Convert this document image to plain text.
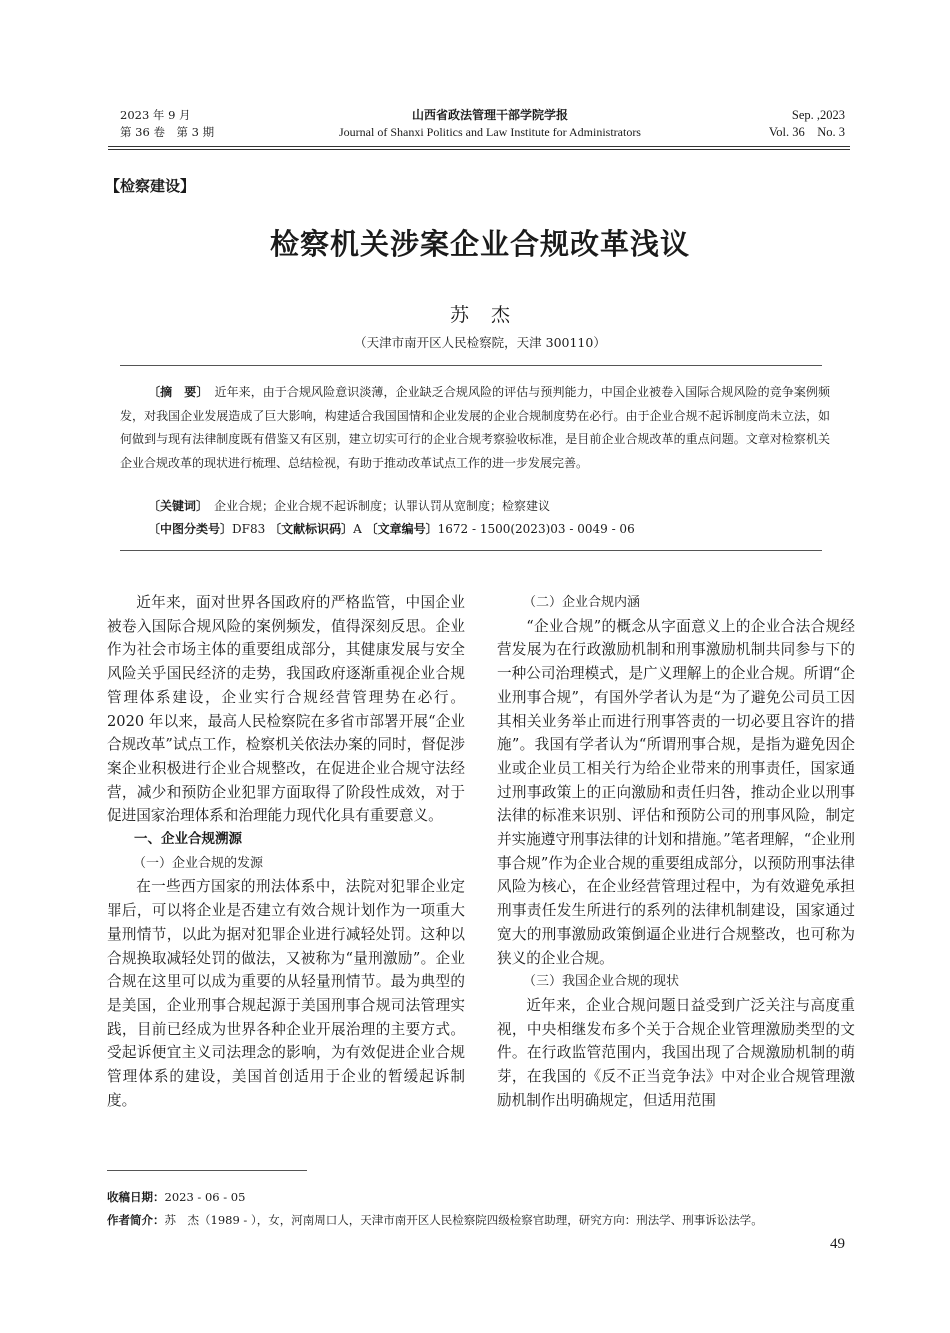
2023 年 9 月
第 36 卷　第 3 期
山西省政法管理干部学院学报
Journal of Shanxi Politics and Law Institute for Administrators
Sep. ,2023
Vol. 36　No. 3
【检察建设】
检察机关涉案企业合规改革浅议
苏杰
（天津市南开区人民检察院，天津 300110）
〔摘　要〕　 近年来，由于合规风险意识淡薄，企业缺乏合规风险的评估与预判能力，中国企业被卷入国际合规风险的竞争案例频发，对我国企业发展造成了巨大影响，构建适合我国国情和企业发展的企业合规制度势在必行。由于企业合规不起诉制度尚未立法，如何做到与现有法律制度既有借鉴又有区别，建立切实可行的企业合规考察验收标准，是目前企业合规改革的重点问题。文章对检察机关企业合规改革的现状进行梳理、总结检视，有助于推动改革试点工作的进一步发展完善。
〔关键词〕　 企业合规；企业合规不起诉制度；认罪认罚从宽制度；检察建议
〔中图分类号〕DF83 〔文献标识码〕A 〔文章编号〕1672 - 1500(2023)03 - 0049 - 06

近年来，面对世界各国政府的严格监管，中国企业被卷入国际合规风险的案例频发，值得深刻反思。企业作为社会市场主体的重要组成部分，其健康发展与安全风险关乎国民经济的走势，我国政府逐渐重视企业合规管理体系建设，企业实行合规经营管理势在必行。2020 年以来，最高人民检察院在多省市部署开展“企业合规改革”试点工作，检察机关依法办案的同时，督促涉案企业积极进行企业合规整改，在促进企业合规守法经营，减少和预防企业犯罪方面取得了阶段性成效，对于促进国家治理体系和治理能力现代化具有重要意义。

一、企业合规溯源

（一）企业合规的发源

在一些西方国家的刑法体系中，法院对犯罪企业定罪后，可以将企业是否建立有效合规计划作为一项重大量刑情节，以此为据对犯罪企业进行减轻处罚。这种以合规换取减轻处罚的做法，又被称为“量刑激励”。企业合规在这里可以成为重要的从轻量刑情节。最为典型的是美国，企业刑事合规起源于美国刑事合规司法管理实践，目前已经成为世界各种企业开展治理的主要方式。受起诉便宜主义司法理念的影响，为有效促进企业合规管理体系的建设，美国首创适用于企业的暂缓起诉制度。

（二）企业合规内涵

“企业合规”的概念从字面意义上的企业合法合规经营发展为在行政激励机制和刑事激励机制共同参与下的一种公司治理模式，是广义理解上的企业合规。所谓“企业刑事合规”，有国外学者认为是“为了避免公司员工因其相关业务举止而进行刑事答责的一切必要且容许的措施”。我国有学者认为“所谓刑事合规，是指为避免因企业或企业员工相关行为给企业带来的刑事责任，国家通过刑事政策上的正向激励和责任归咎，推动企业以刑事法律的标准来识别、评估和预防公司的刑事风险，制定并实施遵守刑事法律的计划和措施。”笔者理解，“企业刑事合规”作为企业合规的重要组成部分，以预防刑事法律风险为核心，在企业经营管理过程中，为有效避免承担刑事责任发生所进行的系列的法律机制建设，国家通过宽大的刑事激励政策倒逼企业进行合规整改，也可称为狭义的企业合规。

（三）我国企业合规的现状

近年来，企业合规问题日益受到广泛关注与高度重视，中央相继发布多个关于合规企业管理激励类型的文件。在行政监管范围内，我国出现了合规激励机制的萌芽，在我国的《反不正当竞争法》中对企业合规管理激励机制作出明确规定，但适用范围

收稿日期：2023 - 06 - 05
作者简介：苏　杰（1989 - ），女，河南周口人，天津市南开区人民检察院四级检察官助理，研究方向：刑法学、刑事诉讼法学。
49
